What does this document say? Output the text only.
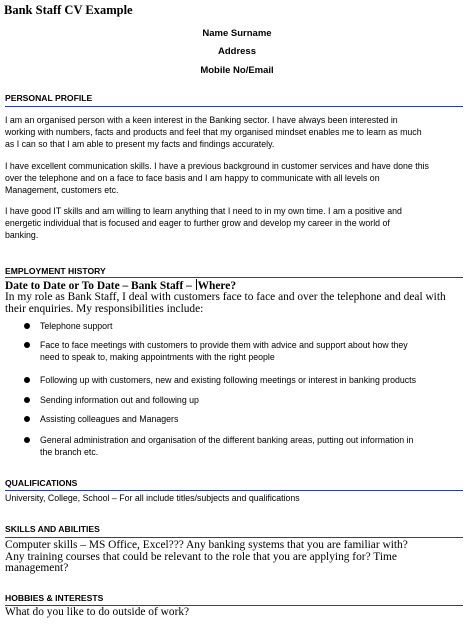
Bank Staff CV Example
Name Surname
Address
Mobile No/Email
PERSONAL PROFILE
I am an organised person with a keen interest in the Banking sector. I have always been interested in
working with numbers, facts and products and feel that my organised mindset enables me to learn as much
as I can so that I am able to present my facts and findings accurately.
I have excellent communication skills. I have a previous background in customer services and have done this
over the telephone and on a face to face basis and I am happy to communicate with all levels on
Management, customers etc.
I have good IT skills and am willing to learn anything that I need to in my own time. I am a positive and
energetic individual that is focused and eager to further grow and develop my career in the world of
banking.
EMPLOYMENT HISTORY
Date to Date or To Date – Bank Staff – Where?
In my role as Bank Staff, I deal with customers face to face and over the telephone and deal with
their enquiries. My responsibilities include:
Telephone support
Face to face meetings with customers to provide them with advice and support about how they
need to speak to, making appointments with the right people
Following up with customers, new and existing following meetings or interest in banking products
Sending information out and following up
Assisting colleagues and Managers
General administration and organisation of the different banking areas, putting out information in
the branch etc.
QUALIFICATIONS
University, College, School – For all include titles/subjects and qualifications
SKILLS AND ABILITIES
Computer skills – MS Office, Excel??? Any banking systems that you are familiar with?
Any training courses that could be relevant to the role that you are applying for? Time
management?
HOBBIES & INTERESTS
What do you like to do outside of work?
